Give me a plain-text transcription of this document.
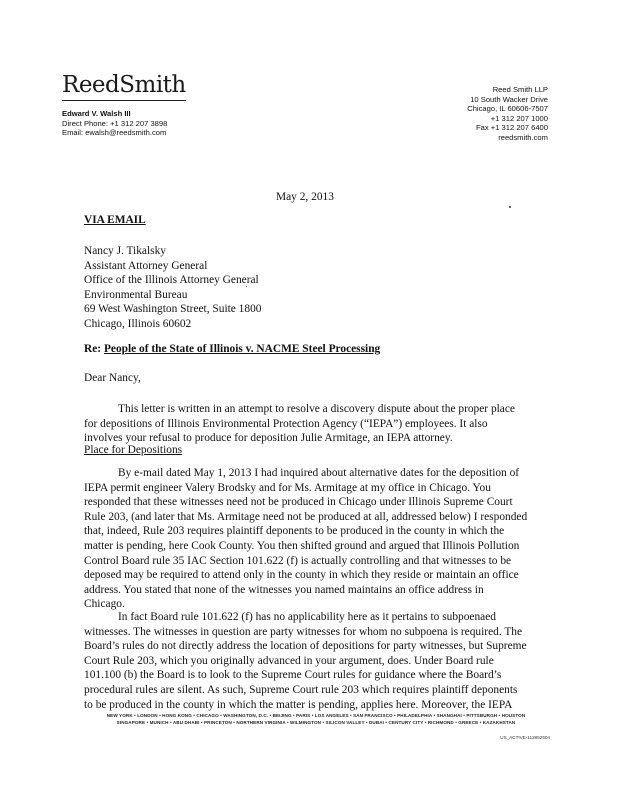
ReedSmith
Edward V. Walsh III
Direct Phone: +1 312 207 3898
Email: ewalsh@reedsmith.com
Reed Smith LLP
10 South Wacker Drive
Chicago, IL 60606-7507
+1 312 207 1000
Fax +1 312 207 6400
reedsmith.com
May 2, 2013
VIA EMAIL
Nancy J. Tikalsky
Assistant Attorney General
Office of the Illinois Attorney General
Environmental Bureau
69 West Washington Street, Suite 1800
Chicago, Illinois 60602
Re: People of the State of Illinois v. NACME Steel Processing
Dear Nancy,
This letter is written in an attempt to resolve a discovery dispute about the proper place
for depositions of Illinois Environmental Protection Agency (“IEPA”) employees. It also
involves your refusal to produce for deposition Julie Armitage, an IEPA attorney.
Place for Depositions
By e-mail dated May 1, 2013 I had inquired about alternative dates for the deposition of
IEPA permit engineer Valery Brodsky and for Ms. Armitage at my office in Chicago. You
responded that these witnesses need not be produced in Chicago under Illinois Supreme Court
Rule 203, (and later that Ms. Armitage need not be produced at all, addressed below) I responded
that, indeed, Rule 203 requires plaintiff deponents to be produced in the county in which the
matter is pending, here Cook County. You then shifted ground and argued that Illinois Pollution
Control Board rule 35 IAC Section 101.622 (f) is actually controlling and that witnesses to be
deposed may be required to attend only in the county in which they reside or maintain an office
address. You stated that none of the witnesses you named maintains an office address in
Chicago.
In fact Board rule 101.622 (f) has no applicability here as it pertains to subpoenaed
witnesses. The witnesses in question are party witnesses for whom no subpoena is required. The
Board’s rules do not directly address the location of depositions for party witnesses, but Supreme
Court Rule 203, which you originally advanced in your argument, does. Under Board rule
101.100 (b) the Board is to look to the Supreme Court rules for guidance where the Board’s
procedural rules are silent. As such, Supreme Court rule 203 which requires plaintiff deponents
to be produced in the county in which the matter is pending, applies here. Moreover, the IEPA
NEW YORK • LONDON • HONG KONG • CHICAGO • WASHINGTON, D.C. • BEIJING • PARIS • LOS ANGELES • SAN FRANCISCO • PHILADELPHIA • SHANGHAI • PITTSBURGH • HOUSTON
SINGAPORE • MUNICH • ABU DHABI • PRINCETON • NORTHERN VIRGINIA • WILMINGTON • SILICON VALLEY • DUBAI • CENTURY CITY • RICHMOND • GREECE • KAZAKHSTAN
US_ACTIVE-112852504
